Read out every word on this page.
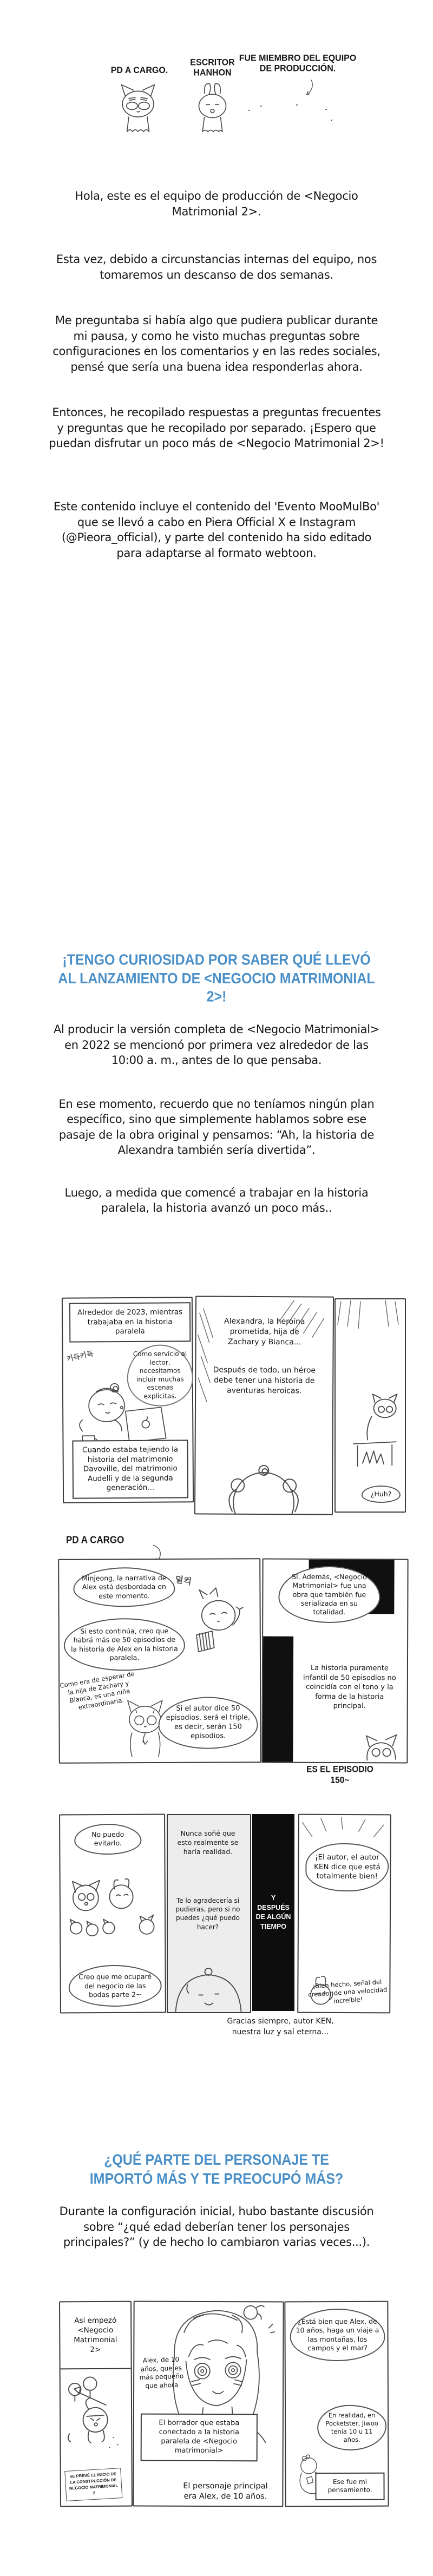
PD A CARGO.
ESCRITOR HANHON
FUE MIEMBRO DEL EQUIPO DE PRODUCCIÓN.

Hola, este es el equipo de producción de <Negocio Matrimonial 2>.

Esta vez, debido a circunstancias internas del equipo, nos tomaremos un descanso de dos semanas.

Me preguntaba si había algo que pudiera publicar durante mi pausa, y como he visto muchas preguntas sobre configuraciones en los comentarios y en las redes sociales, pensé que sería una buena idea responderlas ahora.

Entonces, he recopilado respuestas a preguntas frecuentes y preguntas que he recopilado por separado. ¡Espero que puedan disfrutar un poco más de <Negocio Matrimonial 2>!

Este contenido incluye el contenido del 'Evento MooMulBo' que se llevó a cabo en Piera Official X e Instagram (@Pieora_official), y parte del contenido ha sido editado para adaptarse al formato webtoon.

¡TENGO CURIOSIDAD POR SABER QUÉ LLEVÓ AL LANZAMIENTO DE <NEGOCIO MATRIMONIAL 2>!

Al producir la versión completa de <Negocio Matrimonial> en 2022 se mencionó por primera vez alrededor de las 10:00 a. m., antes de lo que pensaba.

En ese momento, recuerdo que no teníamos ningún plan específico, sino que simplemente hablamos sobre ese pasaje de la obra original y pensamos: “Ah, la historia de Alexandra también sería divertida”.

Luego, a medida que comencé a trabajar en la historia paralela, la historia avanzó un poco más..

Alrededor de 2023, mientras trabajaba en la historia paralela
키득키득	Como servicio al lector, necesitamos incluir muchas escenas explícitas.
Cuando estaba tejiendo la historia del matrimonio Davoville, del matrimonio Audelli y de la segunda generación...
Alexandra, la heroína prometida, hija de Zachary y Bianca...
Después de todo, un héroe debe tener una historia de aventuras heroicas.
¿Huh?
PD A CARGO
Minjeong, la narrativa de Alex está desbordada en este momento.
덜컥
Si esto continúa, creo que habrá más de 50 episodios de la historia de Alex en la historia paralela.
Como era de esperar de la hija de Zachary y Bianca, es una niña extraordinaria.	Si el autor dice 50 episodios, será el triple, es decir, serán 150 episodios.
Sí. Además, <Negocio Matrimonial> fue una obra que también fue serializada en su totalidad.
La historia puramente infantil de 50 episodios no coincidía con el tono y la forma de la historia principal.
ES EL EPISODIO 150~
No puedo evitarlo.
Creo que me ocuparé del negocio de las bodas parte 2~
Nunca soñé que esto realmente se haría realidad.
Te lo agradecería si pudieras, pero si no puedes ¿qué puedo hacer?
Y DESPUÉS DE ALGÚN TIEMPO
¡El autor, el autor KEN dice que está totalmente bien!
¡Bien hecho, señal del creador de una velocidad increíble!
Gracias siempre, autor KEN, nuestra luz y sal eterna...
¿QUÉ PARTE DEL PERSONAJE TE IMPORTÓ MÁS Y TE PREOCUPÓ MÁS?

Durante la configuración inicial, hubo bastante discusión sobre “¿qué edad deberían tener los personajes principales?” (y de hecho lo cambiaron varias veces...).

Así empezó <Negocio Matrimonial 2>
SE PREVÉ EL INICIO DE LA CONSTRUCCIÓN DE NEGOCIO MATRIMONIAL 2
Alex, de 10 años, que es más pequeño que ahora
El borrador que estaba conectado a la historia paralela de <Negocio matrimonial>
El personaje principal era Alex, de 10 años.
¿Está bien que Alex, de 10 años, haga un viaje a las montañas, los campos y el mar?
En realidad, en Pocketster, Jiwoo tenía 10 u 11 años.
Ese fue mi pensamiento.
